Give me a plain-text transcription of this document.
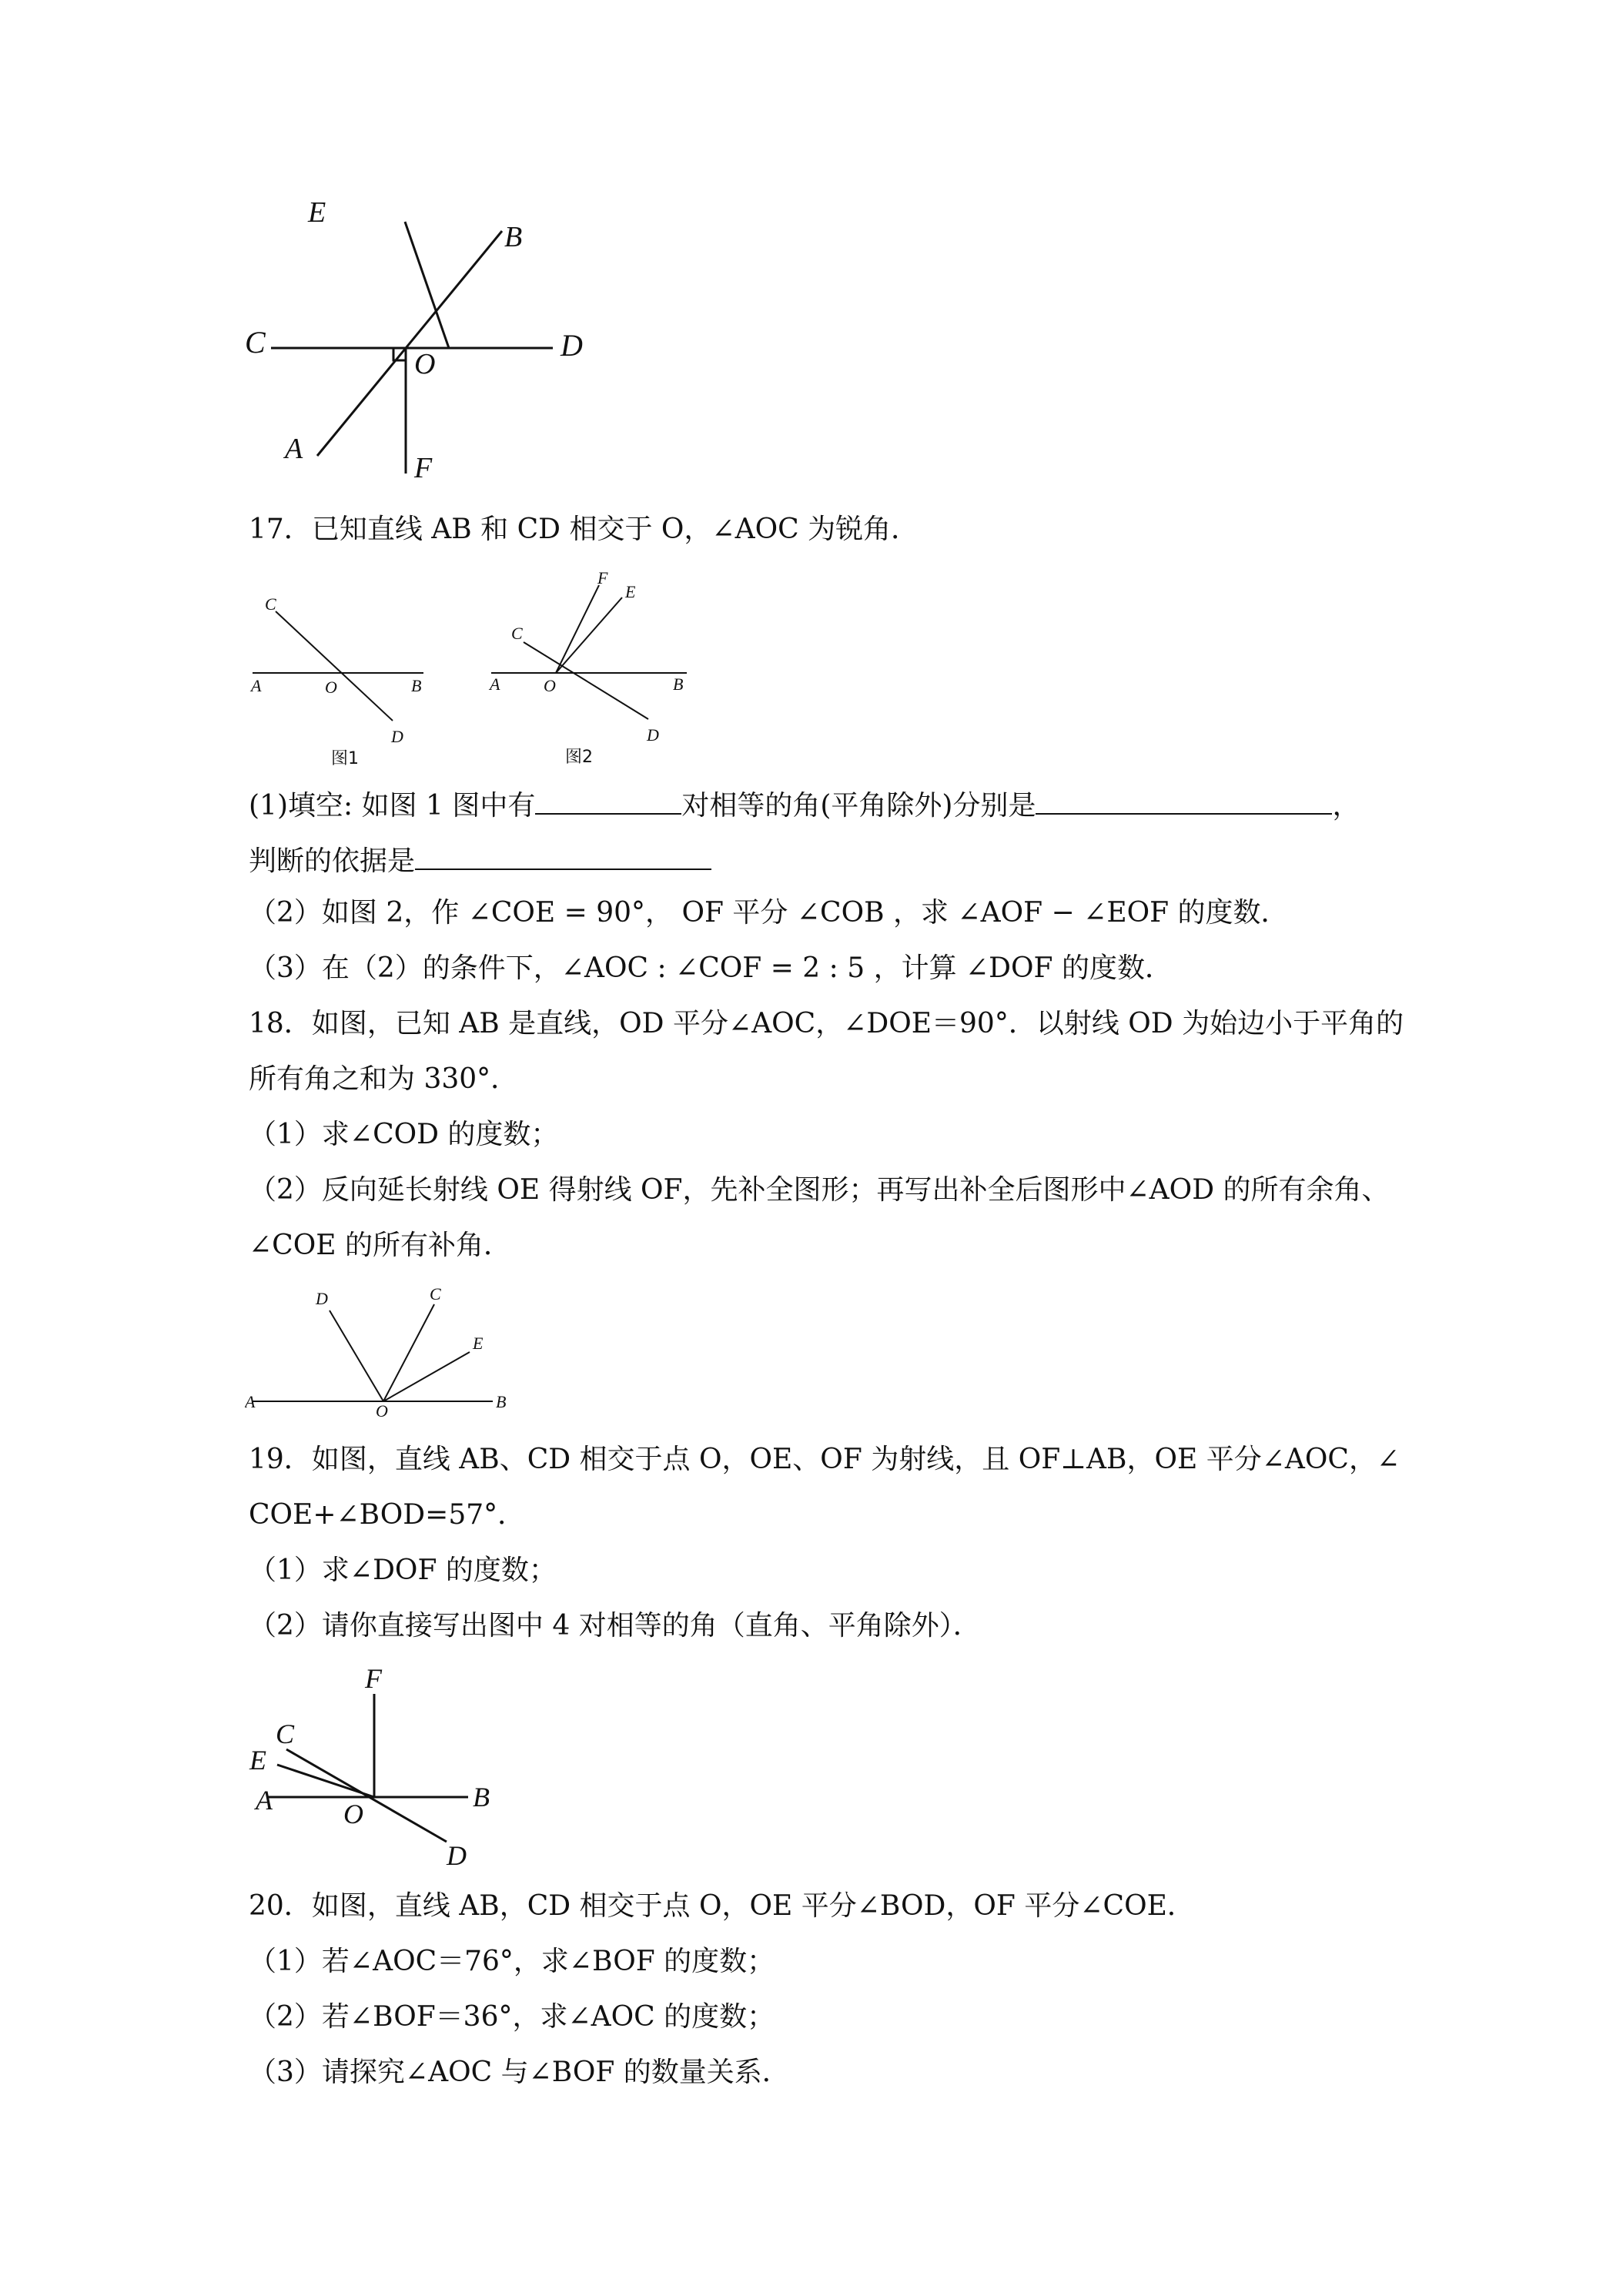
E
B
C
O
D
A
F
17．已知直线 AB 和 CD 相交于 O，∠AOC 为锐角．
C
A	O	B
D
图1
F
E
C
A	O	B
D
图2
(1)填空: 如图 1 图中有	对相等的角(平角除外)分别是	，
判断的依据是
（2）如图 2，作 ∠COE = 90°， OF 平分 ∠COB ，求 ∠AOF − ∠EOF 的度数．
（3）在（2）的条件下，∠AOC : ∠COF = 2 : 5 ，计算 ∠DOF 的度数．
18．如图，已知 AB 是直线，OD 平分∠AOC，∠DOE＝90°．以射线 OD 为始边小于平角的
所有角之和为 330°．
（1）求∠COD 的度数；
（2）反向延长射线 OE 得射线 OF，先补全图形；再写出补全后图形中∠AOD 的所有余角、
∠COE 的所有补角．
D	C
E
A	O	B
19．如图，直线 AB、CD 相交于点 O，OE、OF 为射线，且 OF⊥AB，OE 平分∠AOC，∠
COE+∠BOD=57°．
（1）求∠DOF 的度数；
（2）请你直接写出图中 4 对相等的角（直角、平角除外）．
F
C
E
A	O
B
D
20．如图，直线 AB，CD 相交于点 O，OE 平分∠BOD，OF 平分∠COE．
（1）若∠AOC＝76°，求∠BOF 的度数；
（2）若∠BOF＝36°，求∠AOC 的度数；
（3）请探究∠AOC 与∠BOF 的数量关系．
